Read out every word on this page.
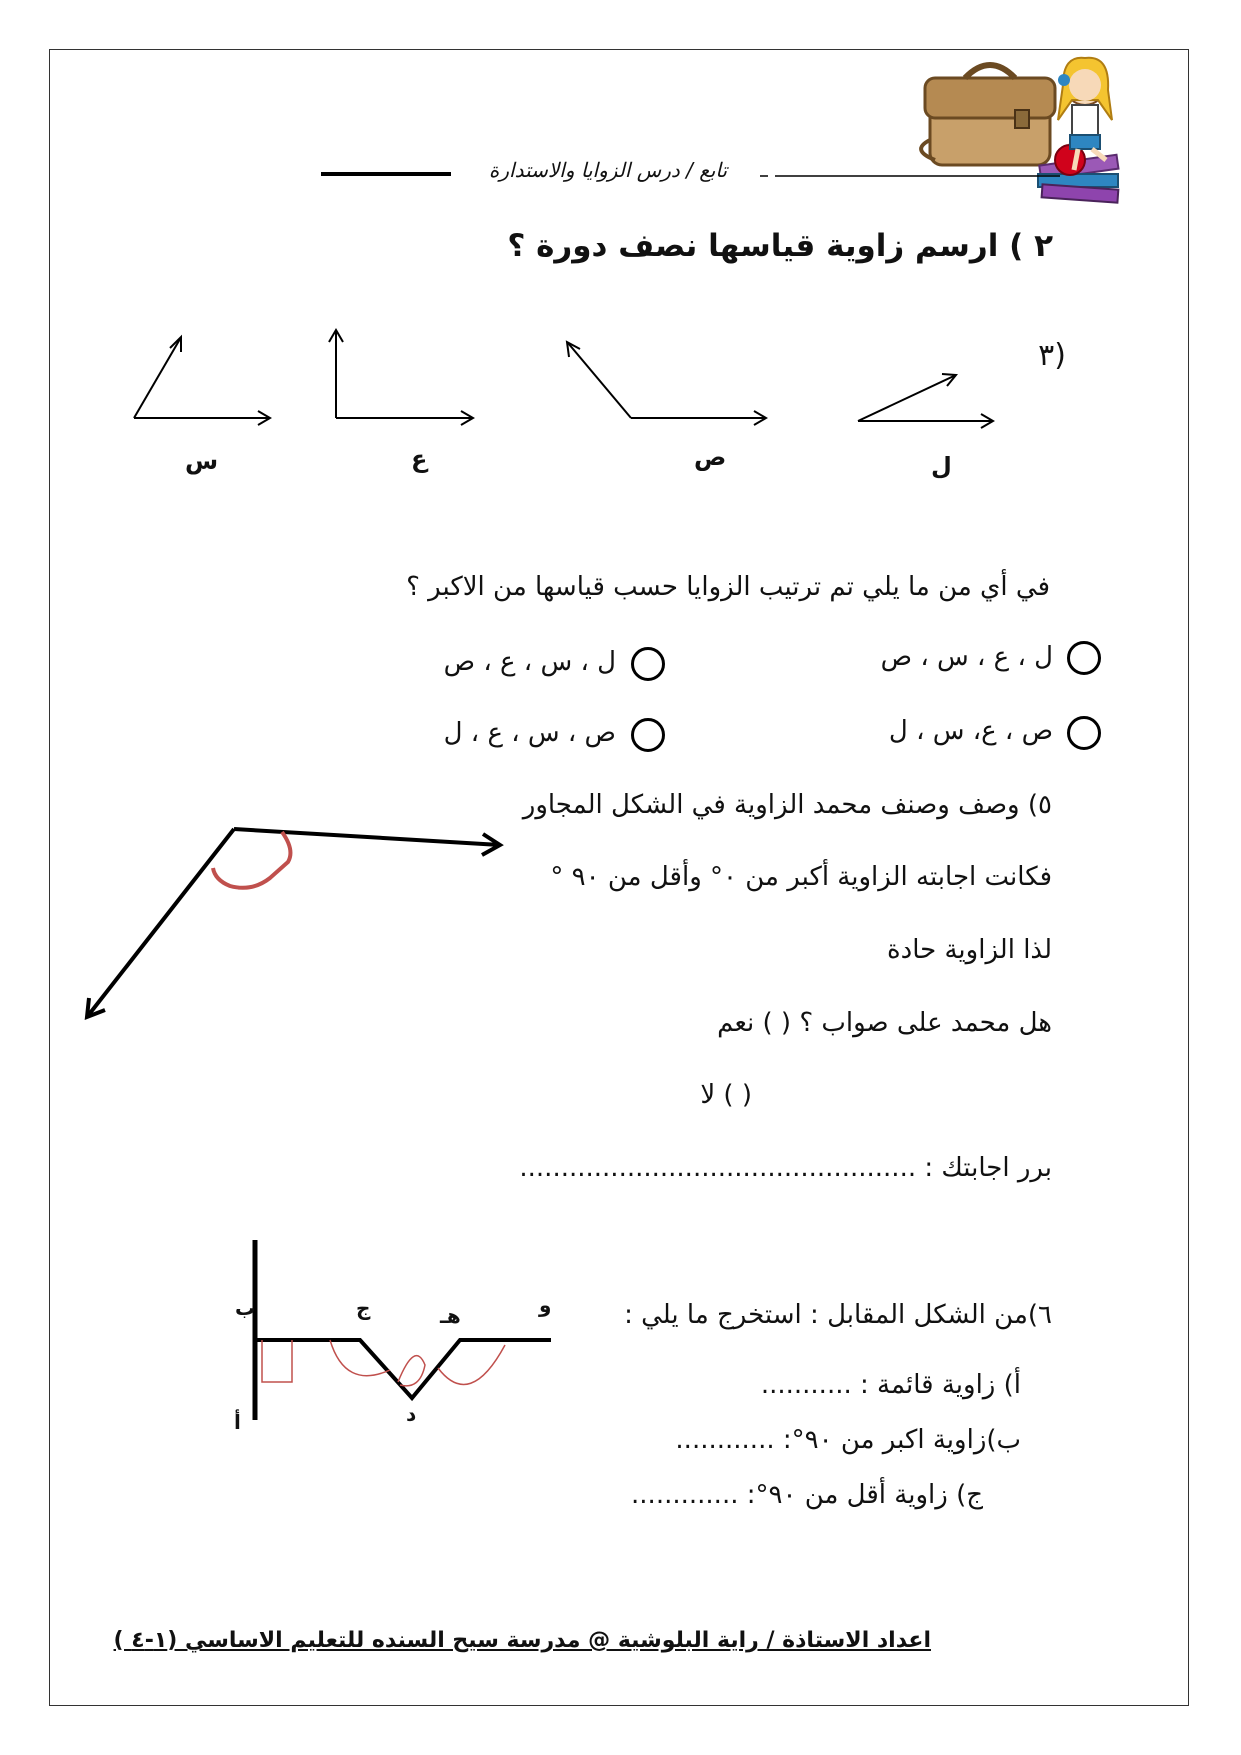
تابع / درس الزوايا والاستدارة
٢ ) ارسم زاوية قياسها نصف دورة ؟
٣)
س	ع	ص	ل
في أي من ما يلي تم ترتيب الزوايا حسب قياسها من الاكبر ؟
ل ، ع ، س ، ص
ل ، س ، ع ، ص
ص ، ع، س ، ل
ص ، س ، ع ، ل
٥) وصف وصنف محمد الزاوية في الشكل المجاور
فكانت اجابته الزاوية أكبر من ٠° وأقل من ٩٠ °
لذا الزاوية حادة
هل محمد على صواب ؟ ( ) نعم
( ) لا
برر اجابتك : ................................................
٦)من الشكل المقابل : استخرج ما يلي :
أ) زاوية قائمة : ...........
ب)زاوية اكبر من ٩٠°: ............
ج) زاوية أقل من ٩٠°: .............
ب	ج	هـ	و
أ	د
اعداد الاستاذة / راية البلوشية @ مدرسة سيح السنده للتعليم الاساسي (١-٤ )
